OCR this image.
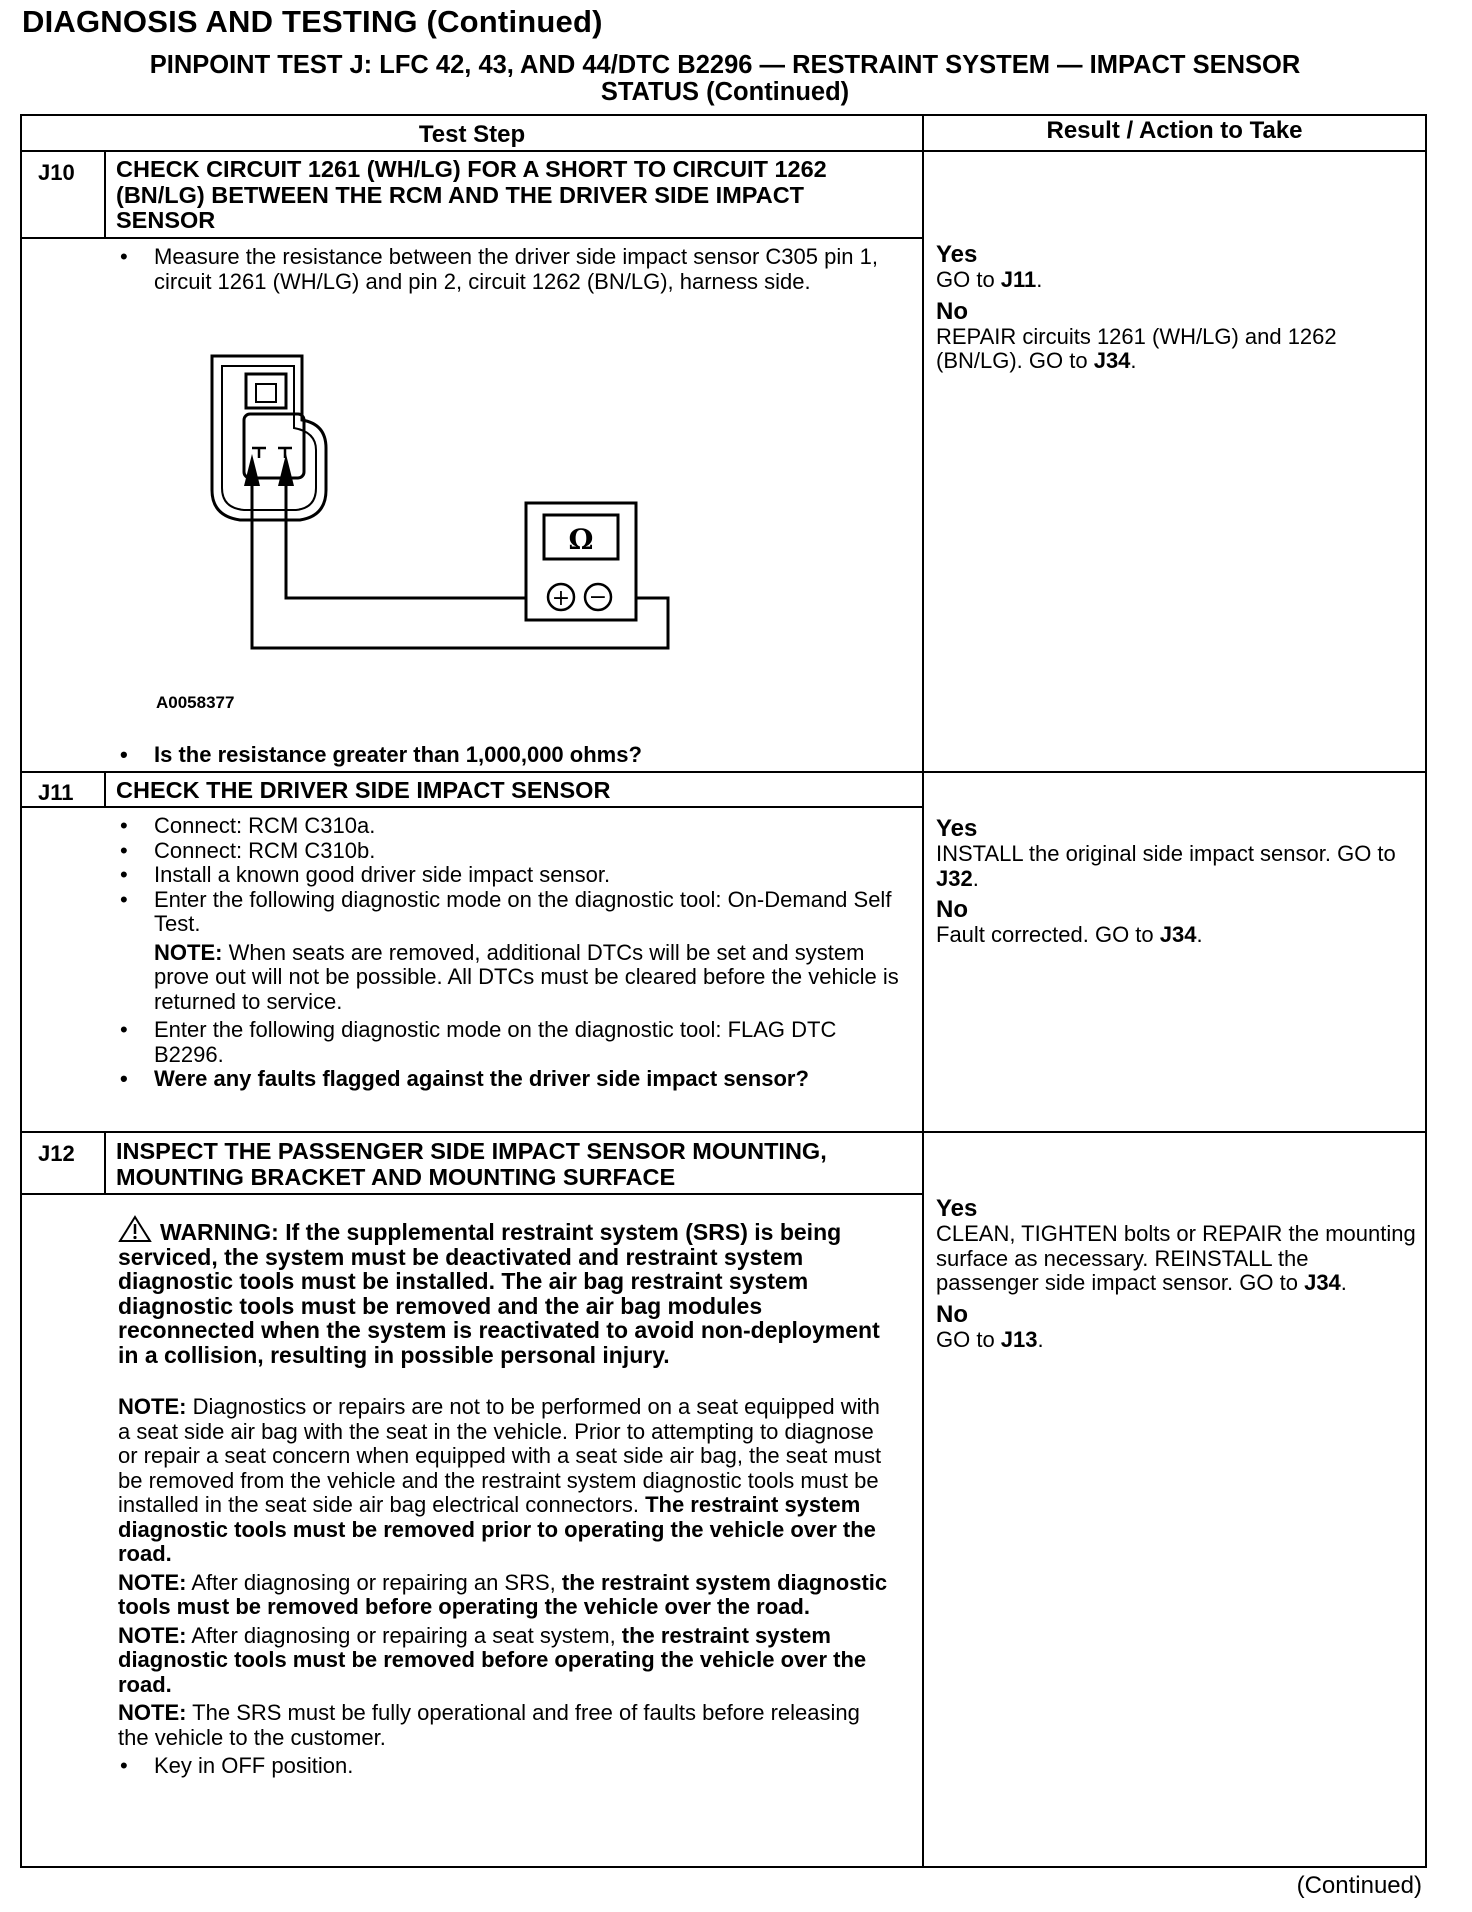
DIAGNOSIS AND TESTING (Continued)
PINPOINT TEST J: LFC 42, 43, AND 44/DTC B2296 — RESTRAINT SYSTEM — IMPACT SENSOR
STATUS (Continued)
Test Step	Result / Action to Take
J10 CHECK CIRCUIT 1261 (WH/LG) FOR A SHORT TO CIRCUIT 1262 (BN/LG) BETWEEN THE RCM AND THE DRIVER SIDE IMPACT SENSOR
• Measure the resistance between the driver side impact sensor C305 pin 1, circuit 1261 (WH/LG) and pin 2, circuit 1262 (BN/LG), harness side.
Ω
+ −
A0058377
• Is the resistance greater than 1,000,000 ohms?
Yes
GO to J11.
No
REPAIR circuits 1261 (WH/LG) and 1262 (BN/LG). GO to J34.
J11 CHECK THE DRIVER SIDE IMPACT SENSOR
• Connect: RCM C310a.
• Connect: RCM C310b.
• Install a known good driver side impact sensor.
• Enter the following diagnostic mode on the diagnostic tool: On-Demand Self Test.
NOTE: When seats are removed, additional DTCs will be set and system prove out will not be possible. All DTCs must be cleared before the vehicle is returned to service.
• Enter the following diagnostic mode on the diagnostic tool: FLAG DTC B2296.
• Were any faults flagged against the driver side impact sensor?
Yes
INSTALL the original side impact sensor. GO to J32.
No
Fault corrected. GO to J34.
J12 INSPECT THE PASSENGER SIDE IMPACT SENSOR MOUNTING, MOUNTING BRACKET AND MOUNTING SURFACE
WARNING: If the supplemental restraint system (SRS) is being serviced, the system must be deactivated and restraint system diagnostic tools must be installed. The air bag restraint system diagnostic tools must be removed and the air bag modules reconnected when the system is reactivated to avoid non-deployment in a collision, resulting in possible personal injury.
NOTE: Diagnostics or repairs are not to be performed on a seat equipped with a seat side air bag with the seat in the vehicle. Prior to attempting to diagnose or repair a seat concern when equipped with a seat side air bag, the seat must be removed from the vehicle and the restraint system diagnostic tools must be installed in the seat side air bag electrical connectors. The restraint system diagnostic tools must be removed prior to operating the vehicle over the road.
NOTE: After diagnosing or repairing an SRS, the restraint system diagnostic tools must be removed before operating the vehicle over the road.
NOTE: After diagnosing or repairing a seat system, the restraint system diagnostic tools must be removed before operating the vehicle over the road.
NOTE: The SRS must be fully operational and free of faults before releasing the vehicle to the customer.
• Key in OFF position.
Yes
CLEAN, TIGHTEN bolts or REPAIR the mounting surface as necessary. REINSTALL the passenger side impact sensor. GO to J34.
No
GO to J13.
(Continued)
